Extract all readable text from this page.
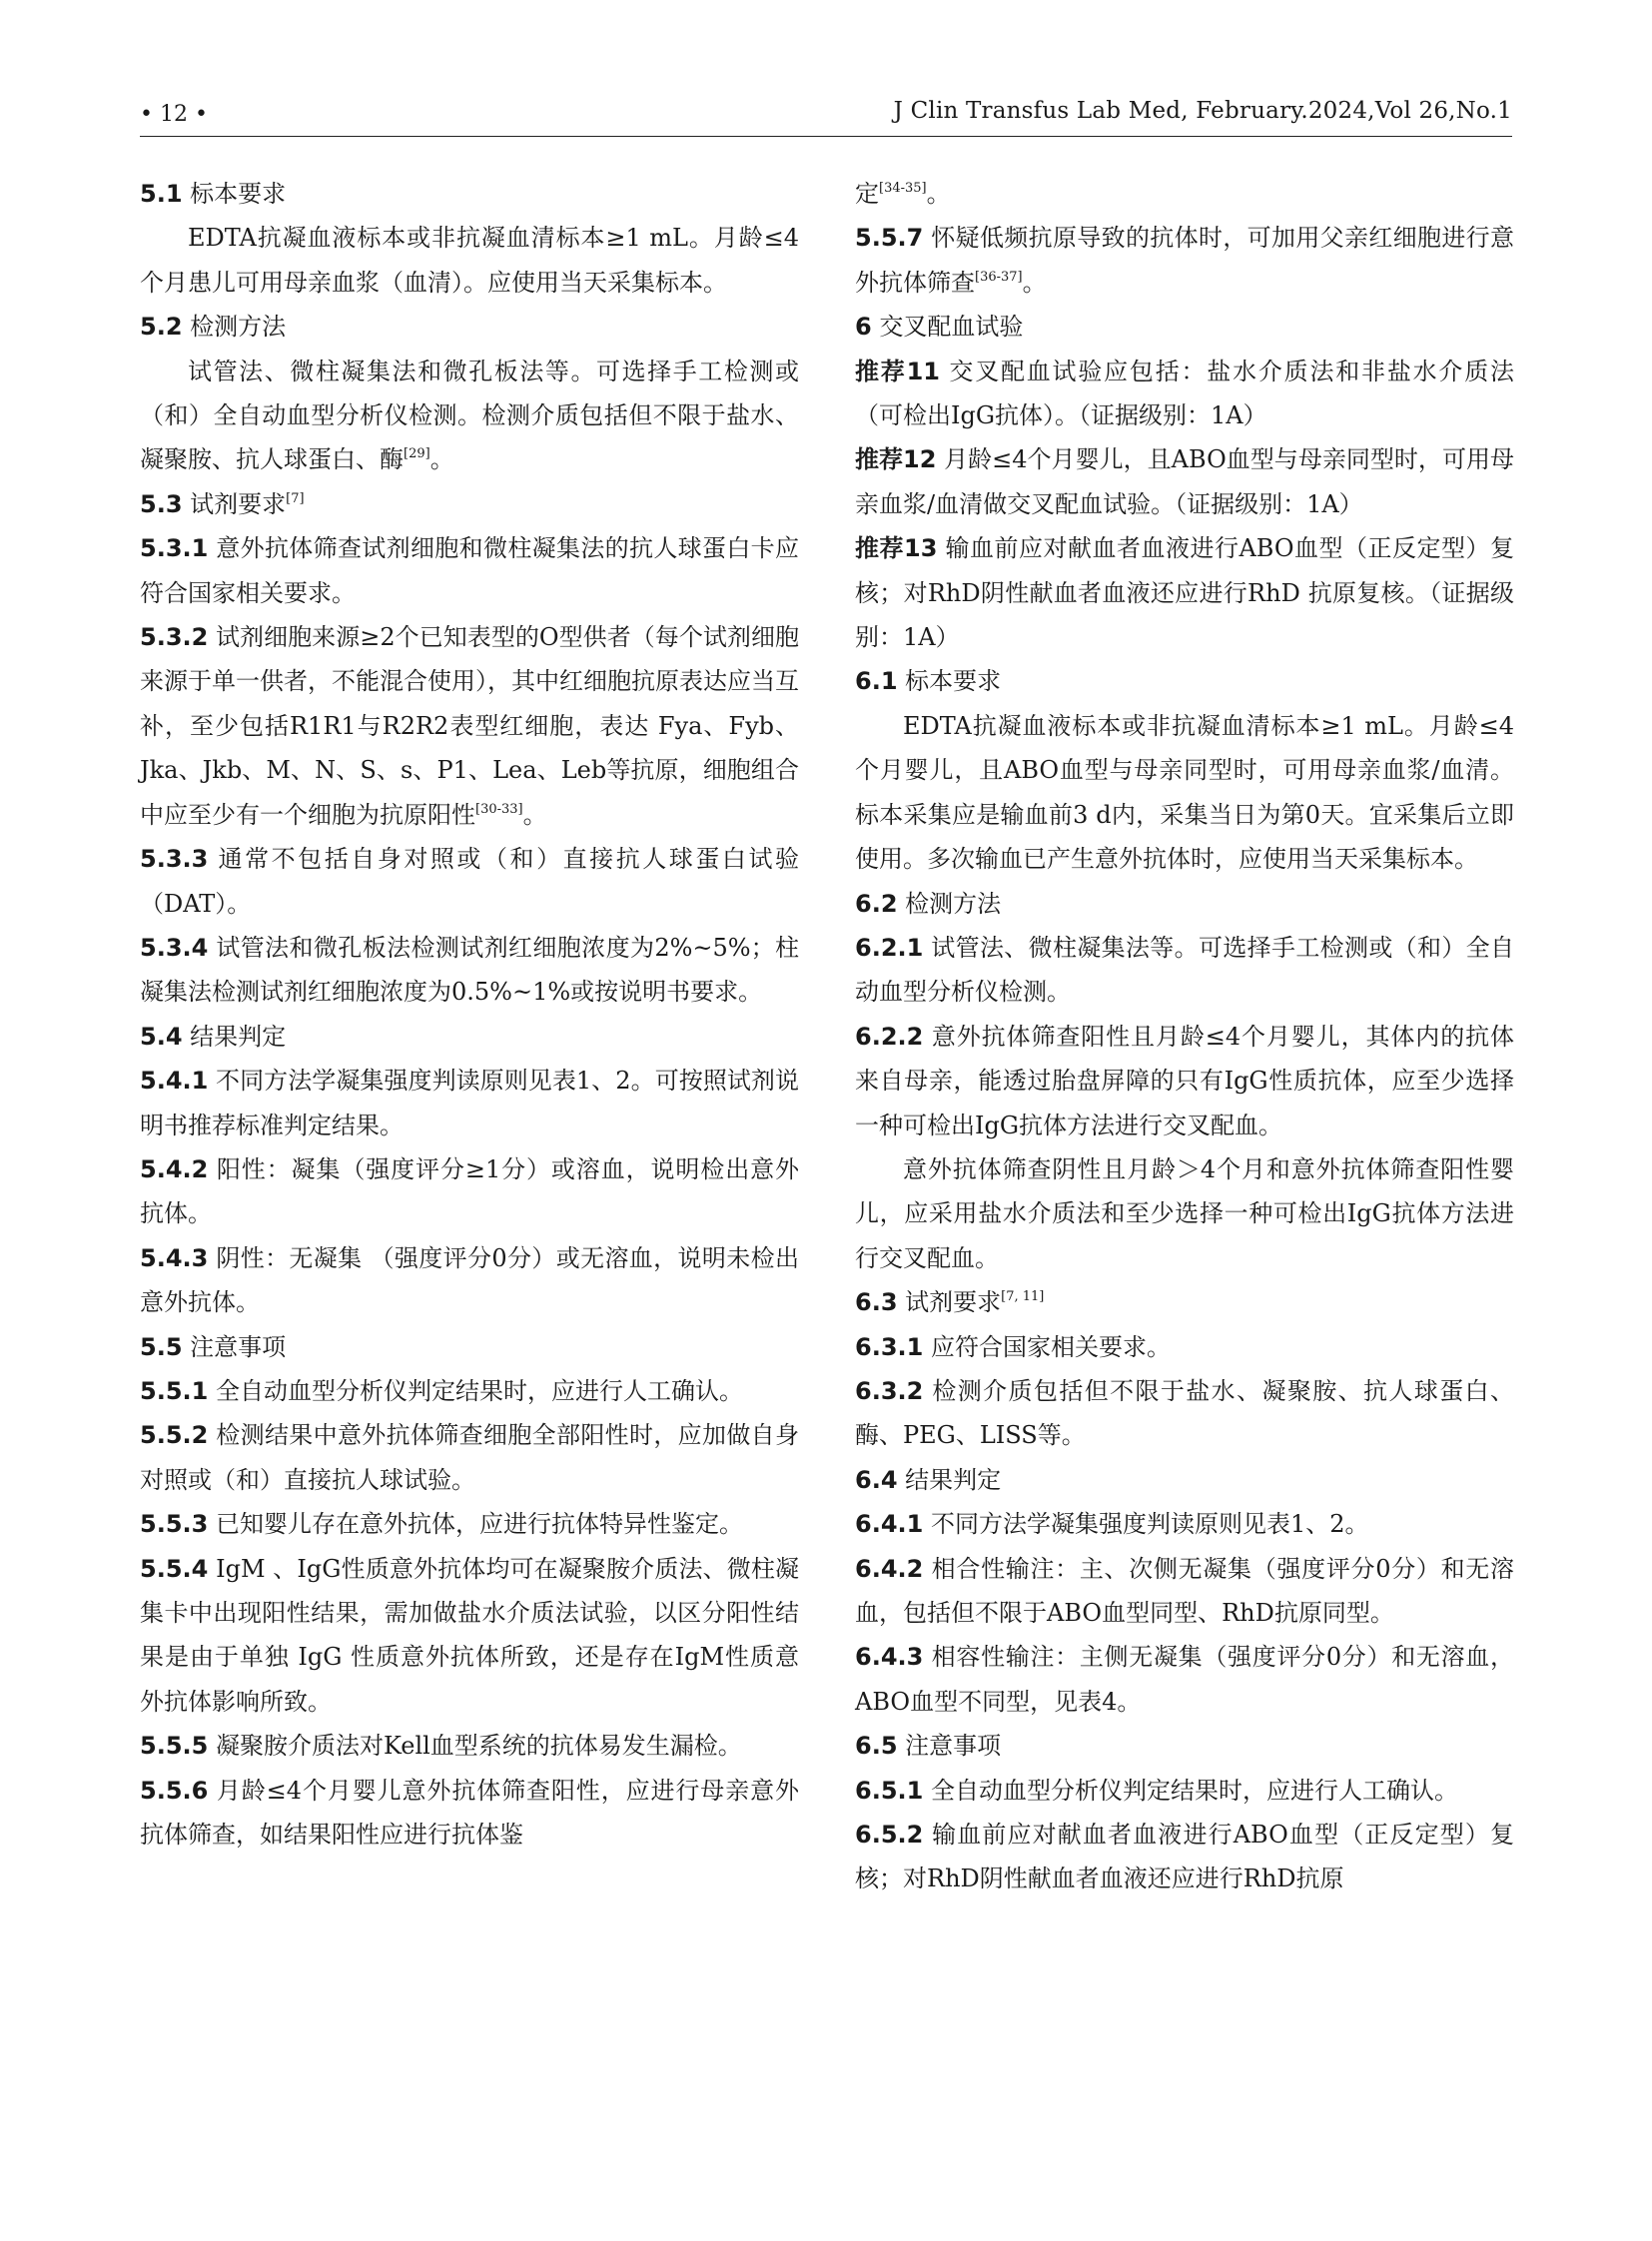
• 12 •	J Clin Transfus Lab Med, February.2024,Vol 26,No.1

5.1 标本要求

EDTA抗凝血液标本或非抗凝血清标本≥1 mL。月龄≤4个月患儿可用母亲血浆（血清）。应使用当天采集标本。

5.2 检测方法

试管法、微柱凝集法和微孔板法等。可选择手工检测或（和）全自动血型分析仪检测。检测介质包括但不限于盐水、凝聚胺、抗人球蛋白、酶[29]。

5.3 试剂要求[7]

5.3.1 意外抗体筛查试剂细胞和微柱凝集法的抗人球蛋白卡应符合国家相关要求。

5.3.2 试剂细胞来源≥2个已知表型的O型供者（每个试剂细胞来源于单一供者，不能混合使用），其中红细胞抗原表达应当互补，至少包括R1R1与R2R2表型红细胞，表达 Fya、Fyb、Jka、Jkb、M、N、S、s、P1、Lea、Leb等抗原，细胞组合中应至少有一个细胞为抗原阳性[30-33]。

5.3.3 通常不包括自身对照或（和）直接抗人球蛋白试验（DAT）。

5.3.4 试管法和微孔板法检测试剂红细胞浓度为2%~5%；柱凝集法检测试剂红细胞浓度为0.5%~1%或按说明书要求。

5.4 结果判定

5.4.1 不同方法学凝集强度判读原则见表1、2。可按照试剂说明书推荐标准判定结果。

5.4.2 阳性：凝集（强度评分≥1分）或溶血，说明检出意外抗体。

5.4.3 阴性：无凝集 （强度评分0分）或无溶血，说明未检出意外抗体。

5.5 注意事项

5.5.1 全自动血型分析仪判定结果时，应进行人工确认。

5.5.2 检测结果中意外抗体筛查细胞全部阳性时，应加做自身对照或（和）直接抗人球试验。

5.5.3 已知婴儿存在意外抗体，应进行抗体特异性鉴定。

5.5.4 IgM 、IgG性质意外抗体均可在凝聚胺介质法、微柱凝集卡中出现阳性结果，需加做盐水介质法试验，以区分阳性结果是由于单独 IgG 性质意外抗体所致，还是存在IgM性质意外抗体影响所致。

5.5.5 凝聚胺介质法对Kell血型系统的抗体易发生漏检。

5.5.6 月龄≤4个月婴儿意外抗体筛查阳性，应进行母亲意外抗体筛查，如结果阳性应进行抗体鉴

定[34-35]。

5.5.7 怀疑低频抗原导致的抗体时，可加用父亲红细胞进行意外抗体筛查[36-37]。

6 交叉配血试验

推荐11 交叉配血试验应包括：盐水介质法和非盐水介质法（可检出IgG抗体）。（证据级别：1A）

推荐12 月龄≤4个月婴儿，且ABO血型与母亲同型时，可用母亲血浆/血清做交叉配血试验。（证据级别：1A）

推荐13 输血前应对献血者血液进行ABO血型（正反定型）复核；对RhD阴性献血者血液还应进行RhD 抗原复核。（证据级别：1A）

6.1 标本要求

EDTA抗凝血液标本或非抗凝血清标本≥1 mL。月龄≤4个月婴儿，且ABO血型与母亲同型时，可用母亲血浆/血清。标本采集应是输血前3 d内，采集当日为第0天。宜采集后立即使用。多次输血已产生意外抗体时，应使用当天采集标本。

6.2 检测方法

6.2.1 试管法、微柱凝集法等。可选择手工检测或（和）全自动血型分析仪检测。

6.2.2 意外抗体筛查阳性且月龄≤4个月婴儿，其体内的抗体来自母亲，能透过胎盘屏障的只有IgG性质抗体，应至少选择一种可检出IgG抗体方法进行交叉配血。

意外抗体筛查阴性且月龄＞4个月和意外抗体筛查阳性婴儿，应采用盐水介质法和至少选择一种可检出IgG抗体方法进行交叉配血。

6.3 试剂要求[7, 11]

6.3.1 应符合国家相关要求。

6.3.2 检测介质包括但不限于盐水、凝聚胺、抗人球蛋白、酶、PEG、LISS等。

6.4 结果判定

6.4.1 不同方法学凝集强度判读原则见表1、2。

6.4.2 相合性输注：主、次侧无凝集（强度评分0分）和无溶血，包括但不限于ABO血型同型、RhD抗原同型。

6.4.3 相容性输注：主侧无凝集（强度评分0分）和无溶血，ABO血型不同型，见表4。

6.5 注意事项

6.5.1 全自动血型分析仪判定结果时，应进行人工确认。

6.5.2 输血前应对献血者血液进行ABO血型（正反定型）复核；对RhD阴性献血者血液还应进行RhD抗原
